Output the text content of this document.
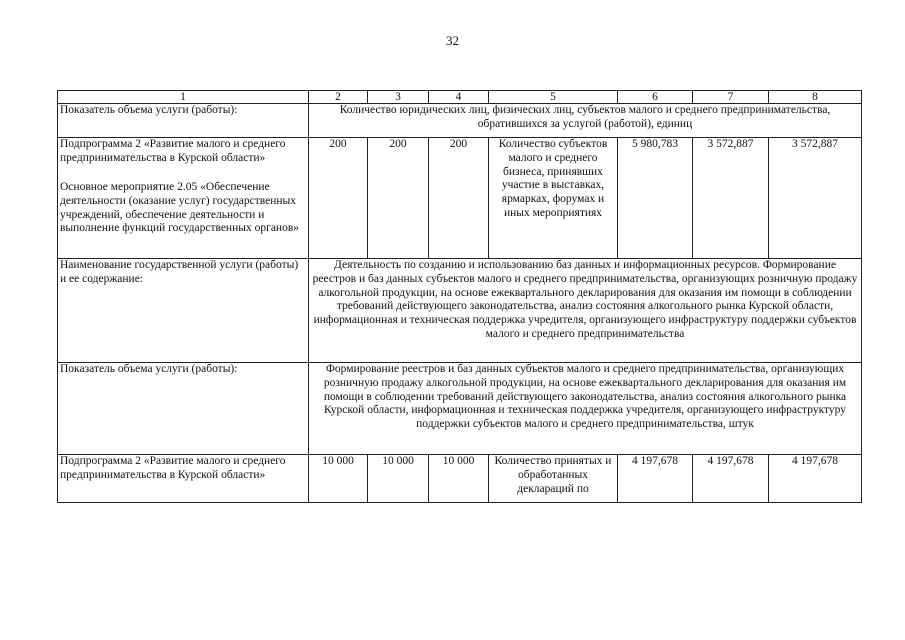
32
1	2	3	4	5	6	7	8
Показатель объема услуги (работы):	Количество юридических лиц, физических лиц, субъектов малого и среднего предпринимательства, обратившихся за услугой (работой), единиц						

Подпрограмма 2 «Развитие малого и среднего предпринимательства в Курской области»
Основное мероприятие 2.05 «Обеспечение деятельности (оказание услуг) государственных учреждений, обеспечение деятельности и выполнение функций государственных органов»	200	200	200	Количество субъектов малого и среднего бизнеса, принявших участие в выставках, ярмарках, форумах и иных мероприятиях	5 980,783	3 572,887	3 572,887
Наименование государственной услуги (работы) и ее содержание:	Деятельность по созданию и использованию баз данных и информационных ресурсов. Формирование реестров и баз данных субъектов малого и среднего предпринимательства, организующих розничную продажу алкогольной продукции, на основе ежеквартального декларирования для оказания им помощи в соблюдении требований действующего законодательства, анализ состояния алкогольного рынка Курской области, информационная и техническая поддержка учредителя, организующего инфраструктуру поддержки субъектов малого и среднего предпринимательства						
Показатель объема услуги (работы):	Формирование реестров и баз данных субъектов малого и среднего предпринимательства, организующих розничную продажу алкогольной продукции, на основе ежеквартального декларирования для оказания им помощи в соблюдении требований действующего законодательства, анализ состояния алкогольного рынка Курской области, информационная и техническая поддержка учредителя, организующего инфраструктуру поддержки субъектов малого и среднего предпринимательства, штук						
Подпрограмма 2 «Развитие малого и среднего предпринимательства в Курской области»	10 000	10 000	10 000	Количество принятых и обработанных деклараций по	4 197,678	4 197,678	4 197,678
